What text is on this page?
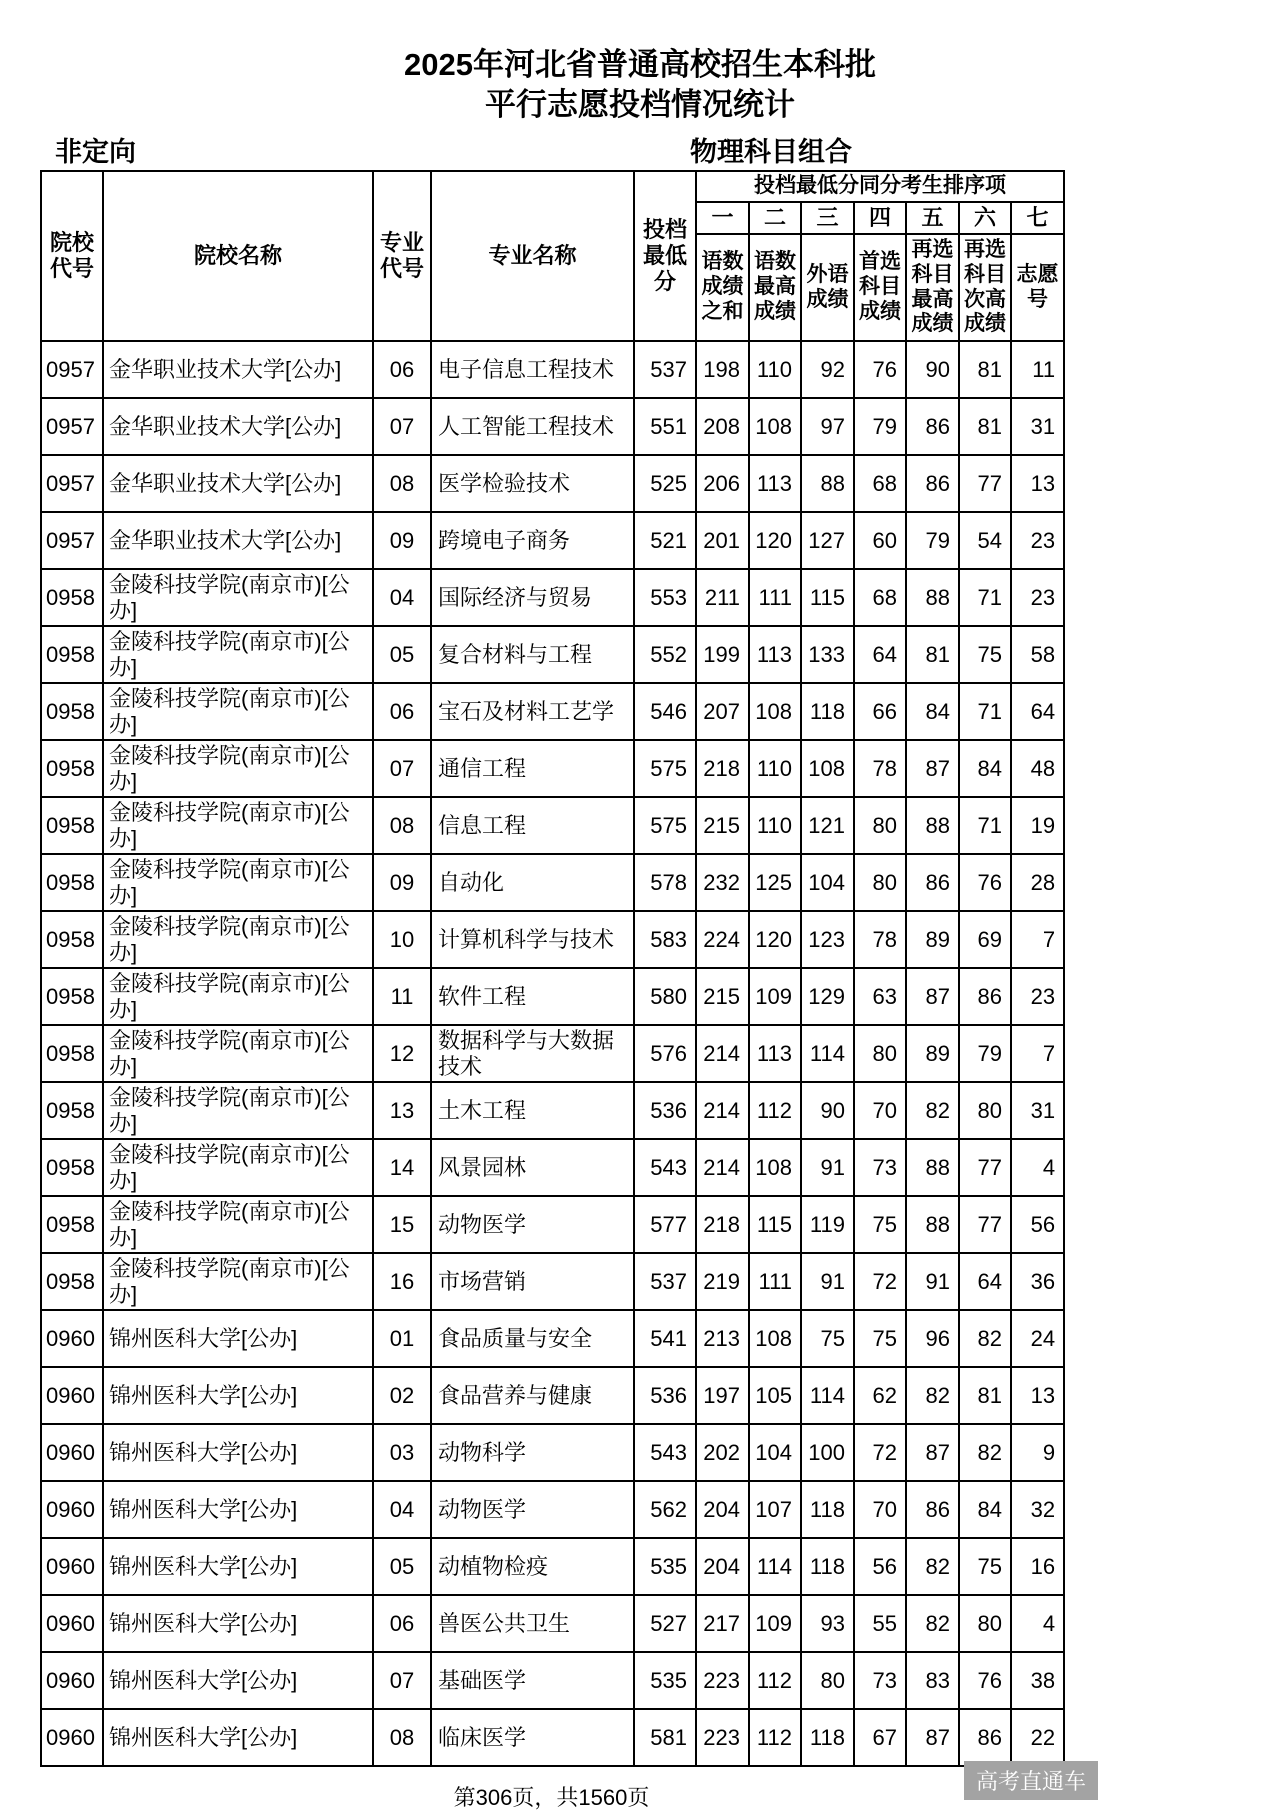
2025年河北省普通高校招生本科批
平行志愿投档情况统计
非定向	物理科目组合
院校代号	院校名称	专业代号	专业名称	投档最低分	投档最低分同分考生排序项						
					一	二	三	四	五	六	七
					语数成绩之和	语数最高成绩	外语成绩	首选科目成绩	再选科目最高成绩	再选科目次高成绩	志愿号
0957	金华职业技术大学[公办]	06	电子信息工程技术	537	198	110	92	76	90	81	11
0957	金华职业技术大学[公办]	07	人工智能工程技术	551	208	108	97	79	86	81	31
0957	金华职业技术大学[公办]	08	医学检验技术	525	206	113	88	68	86	77	13
0957	金华职业技术大学[公办]	09	跨境电子商务	521	201	120	127	60	79	54	23
0958	金陵科技学院(南京市)[公办]	04	国际经济与贸易	553	211	111	115	68	88	71	23
0958	金陵科技学院(南京市)[公办]	05	复合材料与工程	552	199	113	133	64	81	75	58
0958	金陵科技学院(南京市)[公办]	06	宝石及材料工艺学	546	207	108	118	66	84	71	64
0958	金陵科技学院(南京市)[公办]	07	通信工程	575	218	110	108	78	87	84	48
0958	金陵科技学院(南京市)[公办]	08	信息工程	575	215	110	121	80	88	71	19
0958	金陵科技学院(南京市)[公办]	09	自动化	578	232	125	104	80	86	76	28
0958	金陵科技学院(南京市)[公办]	10	计算机科学与技术	583	224	120	123	78	89	69	7
0958	金陵科技学院(南京市)[公办]	11	软件工程	580	215	109	129	63	87	86	23
0958	金陵科技学院(南京市)[公办]	12	数据科学与大数据技术	576	214	113	114	80	89	79	7
0958	金陵科技学院(南京市)[公办]	13	土木工程	536	214	112	90	70	82	80	31
0958	金陵科技学院(南京市)[公办]	14	风景园林	543	214	108	91	73	88	77	4
0958	金陵科技学院(南京市)[公办]	15	动物医学	577	218	115	119	75	88	77	56
0958	金陵科技学院(南京市)[公办]	16	市场营销	537	219	111	91	72	91	64	36
0960	锦州医科大学[公办]	01	食品质量与安全	541	213	108	75	75	96	82	24
0960	锦州医科大学[公办]	02	食品营养与健康	536	197	105	114	62	82	81	13
0960	锦州医科大学[公办]	03	动物科学	543	202	104	100	72	87	82	9
0960	锦州医科大学[公办]	04	动物医学	562	204	107	118	70	86	84	32
0960	锦州医科大学[公办]	05	动植物检疫	535	204	114	118	56	82	75	16
0960	锦州医科大学[公办]	06	兽医公共卫生	527	217	109	93	55	82	80	4
0960	锦州医科大学[公办]	07	基础医学	535	223	112	80	73	83	76	38
0960	锦州医科大学[公办]	08	临床医学	581	223	112	118	67	87	86	22
第306页，共1560页
高考直通车
